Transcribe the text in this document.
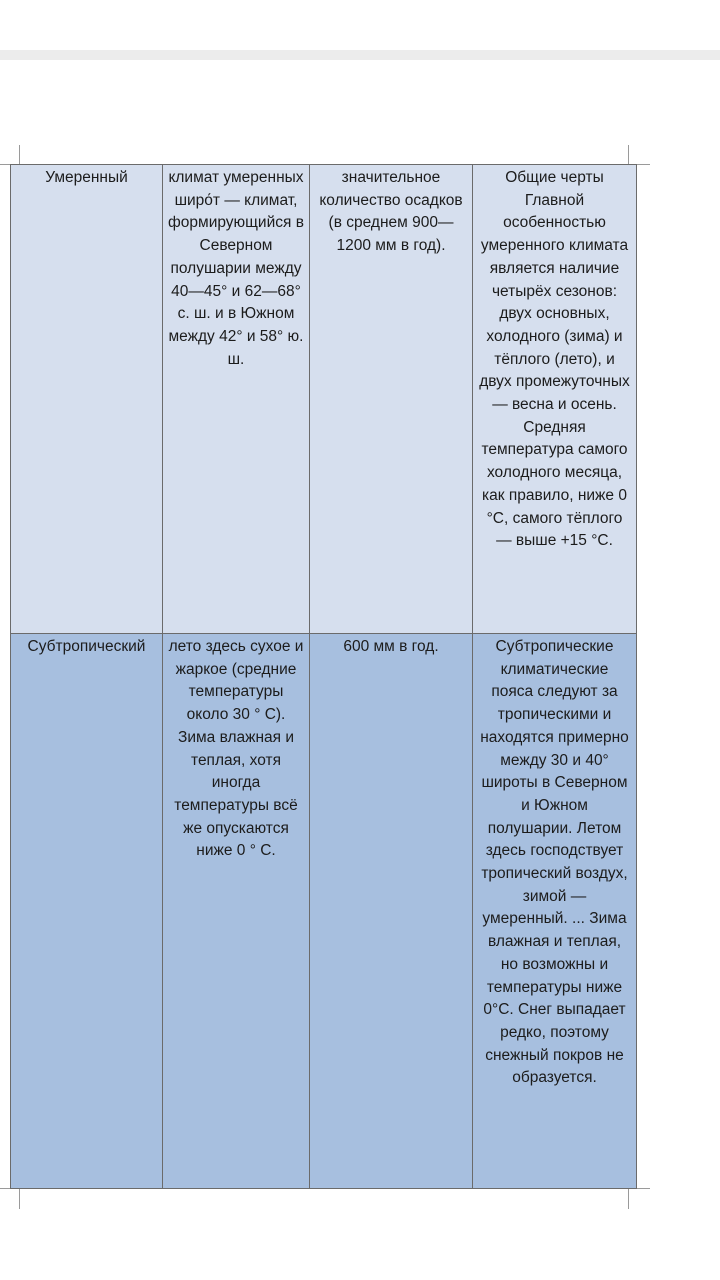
Умеренный	климат умеренных широ́т — климат, формирующийся в Северном полушарии между 40—45° и 62—68° с. ш. и в Южном между 42° и 58° ю. ш.	значительное количество осадков (в среднем 900—1200 мм в год).	Общие черты Главной особенностью умеренного климата является наличие четырёх сезонов: двух основных, холодного (зима) и тёплого (лето), и двух промежуточных — весна и осень. Средняя температура самого холодного месяца, как правило, ниже 0 °С, самого тёплого — выше +15 °С.
Субтропический	лето здесь сухое и жаркое (средние температуры около 30 ° С). Зима влажная и теплая, хотя иногда температуры всё же опускаются ниже 0 ° С.	600 мм в год.	Субтропические климатические пояса следуют за тропическими и находятся примерно между 30 и 40° широты в Северном и Южном полушарии. Летом здесь господствует тропический воздух, зимой — умеренный. ... Зима влажная и теплая, но возможны и температуры ниже 0°С. Снег выпадает редко, поэтому снежный покров не образуется.
